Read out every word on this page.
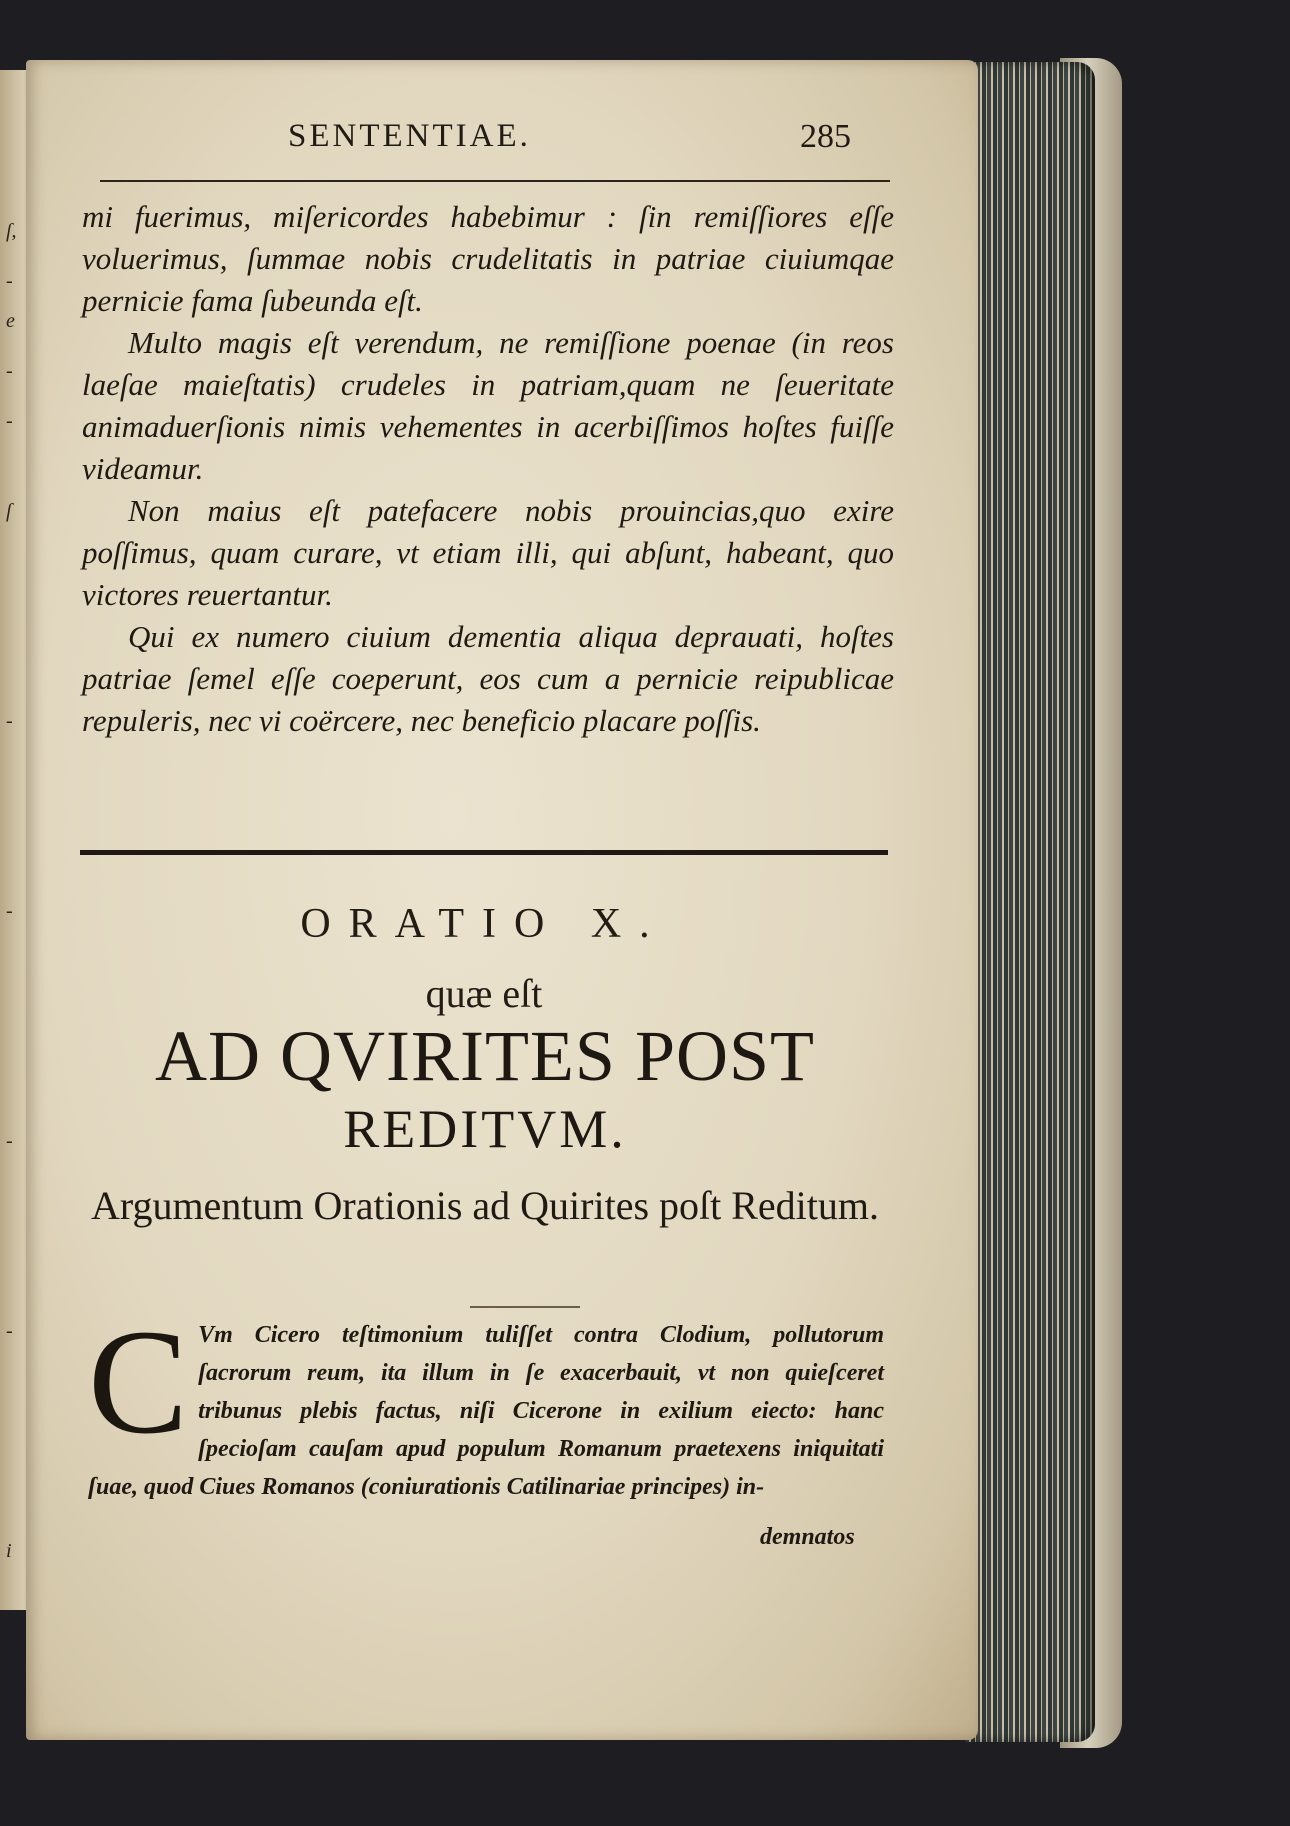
ſ,
-
e
-
-
ſ
-
-
-
-
i
SENTENTIAE.	285

mi fuerimus, miſericordes habebimur : ſin remiſſiores eſſe voluerimus, ſummae nobis crudelitatis in patriae ciuiumqae pernicie fama ſubeunda eſt.

Multo magis eſt verendum, ne remiſſione poenae (in reos laeſae maieſtatis) crudeles in patriam,quam ne ſeueritate animaduerſionis nimis vehementes in acerbiſſimos hoſtes fuiſſe videamur.

Non maius eſt patefacere nobis prouincias,quo exire poſſimus, quam curare, vt etiam illi, qui abſunt, habeant, quo victores reuertantur.

Qui ex numero ciuium dementia aliqua deprauati, hoſtes patriae ſemel eſſe coeperunt, eos cum a pernicie reipublicae repuleris, nec vi coërcere, nec beneficio placare poſſis.

ORATIO X.
quæ eſt
AD QVIRITES POST
REDITVM.
Argumentum Orationis ad Quirites poſt Reditum.
C Vm Cicero teſtimonium tuliſſet contra Clodium, pollutorum ſacrorum reum, ita illum in ſe exacerbauit, vt non quieſceret tribunus plebis factus, niſi Cicerone in exilium eiecto: hanc ſpecioſam cauſam apud populum Romanum praetexens iniquitati ſuae, quod Ciues Romanos (coniurationis Catilinariae principes) in-
demnatos
